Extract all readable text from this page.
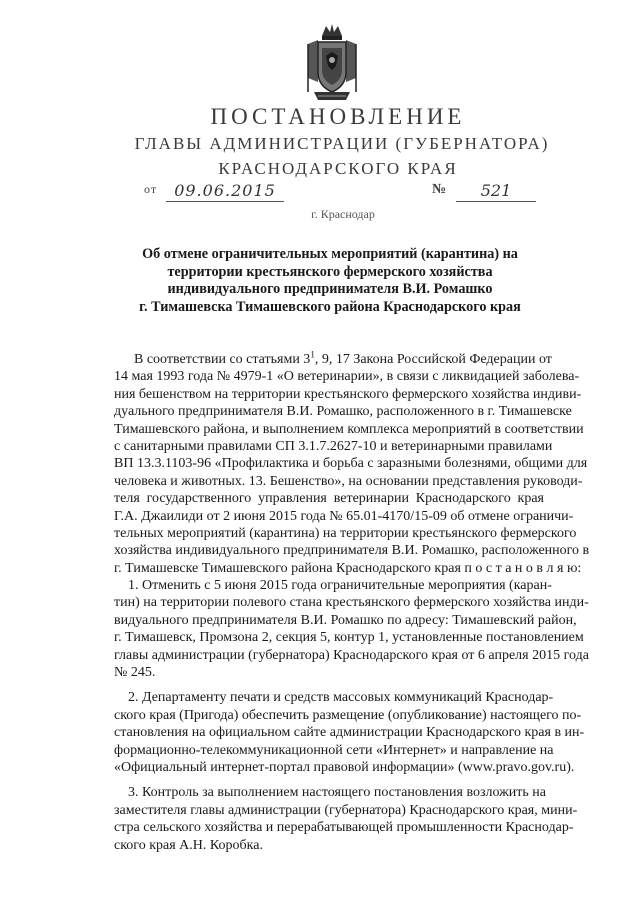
ПОСТАНОВЛЕНИЕ
ГЛАВЫ АДМИНИСТРАЦИИ (ГУБЕРНАТОРА)
КРАСНОДАРСКОГО КРАЯ
от	09.06.2015	№	521
г. Краснодар
Об отмене ограничительных мероприятий (карантина) на
территории крестьянского фермерского хозяйства
индивидуального предпринимателя В.И. Ромашко
г. Тимашевска Тимашевского района Краснодарского края
В соответствии со статьями $3^1$, 9, 17 Закона Российской Федерации от
14 мая 1993 года № 4979-1 «О ветеринарии», в связи с ликвидацией заболева-
ния бешенством на территории крестьянского фермерского хозяйства индиви-
дуального предпринимателя В.И. Ромашко, расположенного в г. Тимашевске
Тимашевского района, и выполнением комплекса мероприятий в соответствии
с санитарными правилами СП 3.1.7.2627-10 и ветеринарными правилами
ВП 13.3.1103-96 «Профилактика и борьба с заразными болезнями, общими для
человека и животных. 13. Бешенство», на основании представления руководи-
теля государственного управления ветеринарии Краснодарского края
Г.А. Джаилиди от 2 июня 2015 года № 65.01-4170/15-09 об отмене ограничи-
тельных мероприятий (карантина) на территории крестьянского фермерского
хозяйства индивидуального предпринимателя В.И. Ромашко, расположенного в
г. Тимашевске Тимашевского района Краснодарского края п о с т а н о в л я ю:
1. Отменить с 5 июня 2015 года ограничительные мероприятия (каран-
тин) на территории полевого стана крестьянского фермерского хозяйства инди-
видуального предпринимателя В.И. Ромашко по адресу: Тимашевский район,
г. Тимашевск, Промзона 2, секция 5, контур 1, установленные постановлением
главы администрации (губернатора) Краснодарского края от 6 апреля 2015 года
№ 245.
2. Департаменту печати и средств массовых коммуникаций Краснодар-
ского края (Пригода) обеспечить размещение (опубликование) настоящего по-
становления на официальном сайте администрации Краснодарского края в ин-
формационно-телекоммуникационной сети «Интернет» и направление на
«Официальный интернет-портал правовой информации» (www.pravo.gov.ru).
3. Контроль за выполнением настоящего постановления возложить на
заместителя главы администрации (губернатора) Краснодарского края, мини-
стра сельского хозяйства и перерабатывающей промышленности Краснодар-
ского края А.Н. Коробка.
